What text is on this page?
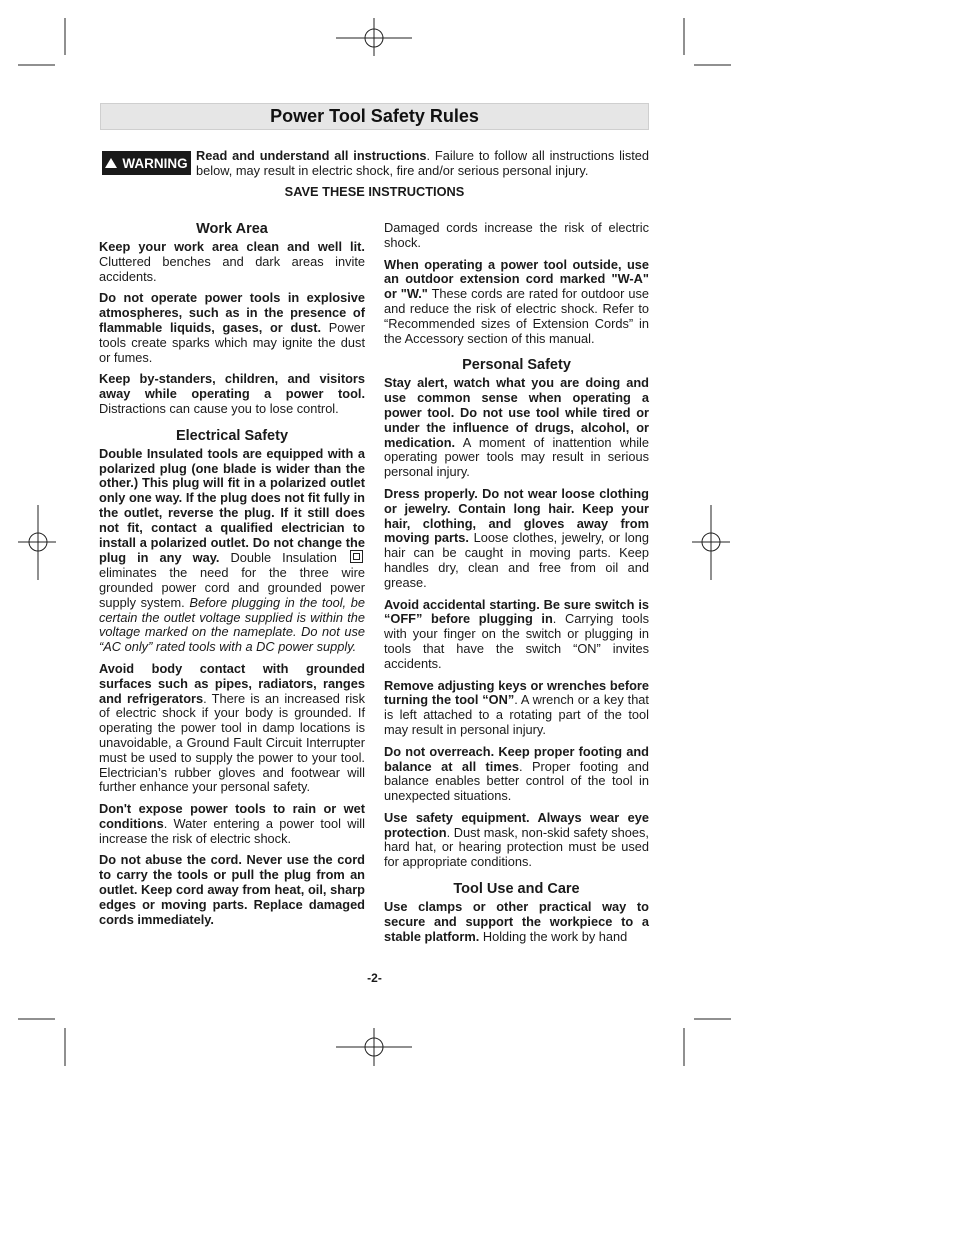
Power Tool Safety Rules
WARNING Read and understand all instructions. Failure to follow all instructions listed below, may result in electric shock, fire and/or serious personal injury.
SAVE THESE INSTRUCTIONS
Work Area

Keep your work area clean and well lit. Cluttered benches and dark areas invite accidents.

Do not operate power tools in explosive atmospheres, such as in the presence of flammable liquids, gases, or dust. Power tools create sparks which may ignite the dust or fumes.

Keep by-standers, children, and visitors away while operating a power tool. Distractions can cause you to lose control.

Electrical Safety

Double Insulated tools are equipped with a polarized plug (one blade is wider than the other.) This plug will fit in a polarized outlet only one way. If the plug does not fit fully in the outlet, reverse the plug. If it still does not fit, contact a qualified electrician to install a polarized outlet. Do not change the plug in any way. Double Insulation  eliminates the need for the three wire grounded power cord and grounded power supply system. Before plugging in the tool, be certain the outlet voltage supplied is within the voltage marked on the nameplate. Do not use “AC only” rated tools with a DC power supply.

Avoid body contact with grounded surfaces such as pipes, radiators, ranges and refrigerators. There is an increased risk of electric shock if your body is grounded. If operating the power tool in damp locations is unavoidable, a Ground Fault Circuit Interrupter must be used to supply the power to your tool. Electrician’s rubber gloves and footwear will further enhance your personal safety.

Don't expose power tools to rain or wet conditions. Water entering a power tool will increase the risk of electric shock.

Do not abuse the cord. Never use the cord to carry the tools or pull the plug from an outlet. Keep cord away from heat, oil, sharp edges or moving parts. Replace damaged cords immediately.

Damaged cords increase the risk of electric shock.

When operating a power tool outside, use an outdoor extension cord marked "W-A" or "W." These cords are rated for outdoor use and reduce the risk of electric shock. Refer to “Recommended sizes of Extension Cords” in the Accessory section of this manual.

Personal Safety

Stay alert, watch what you are doing and use common sense when operating a power tool. Do not use tool while tired or under the influence of drugs, alcohol, or medication. A moment of inattention while operating power tools may result in serious personal injury.

Dress properly. Do not wear loose clothing or jewelry. Contain long hair. Keep your hair, clothing, and gloves away from moving parts. Loose clothes, jewelry, or long hair can be caught in moving parts. Keep handles dry, clean and free from oil and grease.

Avoid accidental starting. Be sure switch is “OFF” before plugging in. Carrying tools with your finger on the switch or plugging in tools that have the switch “ON” invites accidents.

Remove adjusting keys or wrenches before turning the tool “ON”. A wrench or a key that is left attached to a rotating part of the tool may result in personal injury.

Do not overreach. Keep proper footing and balance at all times. Proper footing and balance enables better control of the tool in unexpected situations.

Use safety equipment. Always wear eye protection. Dust mask, non-skid safety shoes, hard hat, or hearing protection must be used for appropriate conditions.

Tool Use and Care

Use clamps or other practical way to secure and support the workpiece to a stable platform. Holding the work by hand

-2-
